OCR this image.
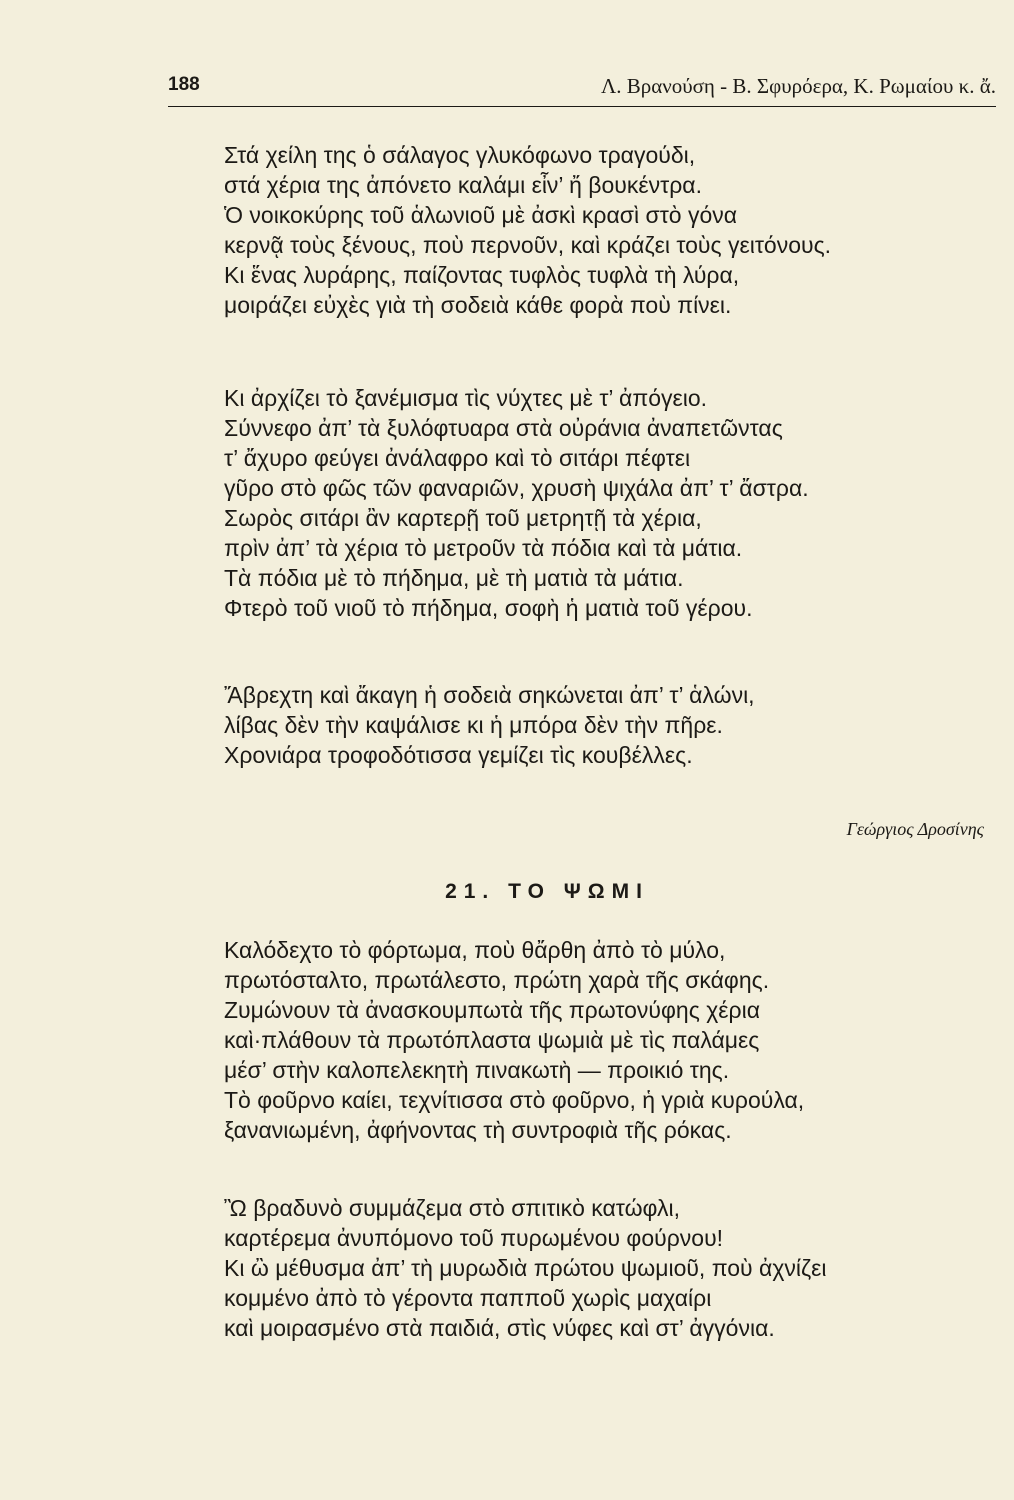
188	Λ. Βρανούση - Β. Σφυρόερα, Κ. Ρωμαίου κ. ἄ.
Στά χείλη της ὁ σάλαγος γλυκόφωνο τραγούδι,
στά χέρια της ἀπόνετο καλάμι εἶν’ ἤ βουκέντρα.
Ὁ νοικοκύρης τοῦ ἁλωνιοῦ μὲ ἀσκὶ κρασὶ στὸ γόνα
κερνᾷ τοὺς ξένους, ποὺ περνοῦν, καὶ κράζει τοὺς γειτόνους.
Κι ἕνας λυράρης, παίζοντας τυφλὸς τυφλὰ τὴ λύρα,
μοιράζει εὐχὲς γιὰ τὴ σοδειὰ κάθε φορὰ ποὺ πίνει.
Κι ἀρχίζει τὸ ξανέμισμα τὶς νύχτες μὲ τ’ ἀπόγειο.
Σύννεφο ἀπ’ τὰ ξυλόφτυαρα στὰ οὐράνια ἀναπετῶντας
τ’ ἄχυρο φεύγει ἀνάλαφρο καὶ τὸ σιτάρι πέφτει
γῦρο στὸ φῶς τῶν φαναριῶν, χρυσὴ ψιχάλα ἀπ’ τ’ ἄστρα.
Σωρὸς σιτάρι ἂν καρτερῇ τοῦ μετρητῇ τὰ χέρια,
πρὶν ἀπ’ τὰ χέρια τὸ μετροῦν τὰ πόδια καὶ τὰ μάτια.
Τὰ πόδια μὲ τὸ πήδημα, μὲ τὴ ματιὰ τὰ μάτια.
Φτερὸ τοῦ νιοῦ τὸ πήδημα, σοφὴ ἡ ματιὰ τοῦ γέρου.
Ἄβρεχτη καὶ ἄκαγη ἡ σοδειὰ σηκώνεται ἀπ’ τ’ ἁλώνι,
λίβας δὲν τὴν καψάλισε κι ἡ μπόρα δὲν τὴν πῆρε.
Χρονιάρα τροφοδότισσα γεμίζει τὶς κουβέλλες.
Γεώργιος Δροσίνης
21. ΤΟ ΨΩΜΙ
Καλόδεχτο τὸ φόρτωμα, ποὺ θἄρθη ἀπὸ τὸ μύλο,
πρωτόσταλτο, πρωτάλεστο, πρώτη χαρὰ τῆς σκάφης.
Ζυμώνουν τὰ ἀνασκουμπωτὰ τῆς πρωτονύφης χέρια
καὶ·πλάθουν τὰ πρωτόπλαστα ψωμιὰ μὲ τὶς παλάμες
μέσ’ στὴν καλοπελεκητὴ πινακωτὴ — προικιό της.
Τὸ φοῦρνο καίει, τεχνίτισσα στὸ φοῦρνο, ἡ γριὰ κυρούλα,
ξανανιωμένη, ἀφήνοντας τὴ συντροφιὰ τῆς ρόκας.
Ὢ βραδυνὸ συμμάζεμα στὸ σπιτικὸ κατώφλι,
καρτέρεμα ἀνυπόμονο τοῦ πυρωμένου φούρνου!
Κι ὢ μέθυσμα ἀπ’ τὴ μυρωδιὰ πρώτου ψωμιοῦ, ποὺ ἀχνίζει
κομμένο ἀπὸ τὸ γέροντα παπποῦ χωρὶς μαχαίρι
καὶ μοιρασμένο στὰ παιδιά, στὶς νύφες καὶ στ’ ἀγγόνια.
